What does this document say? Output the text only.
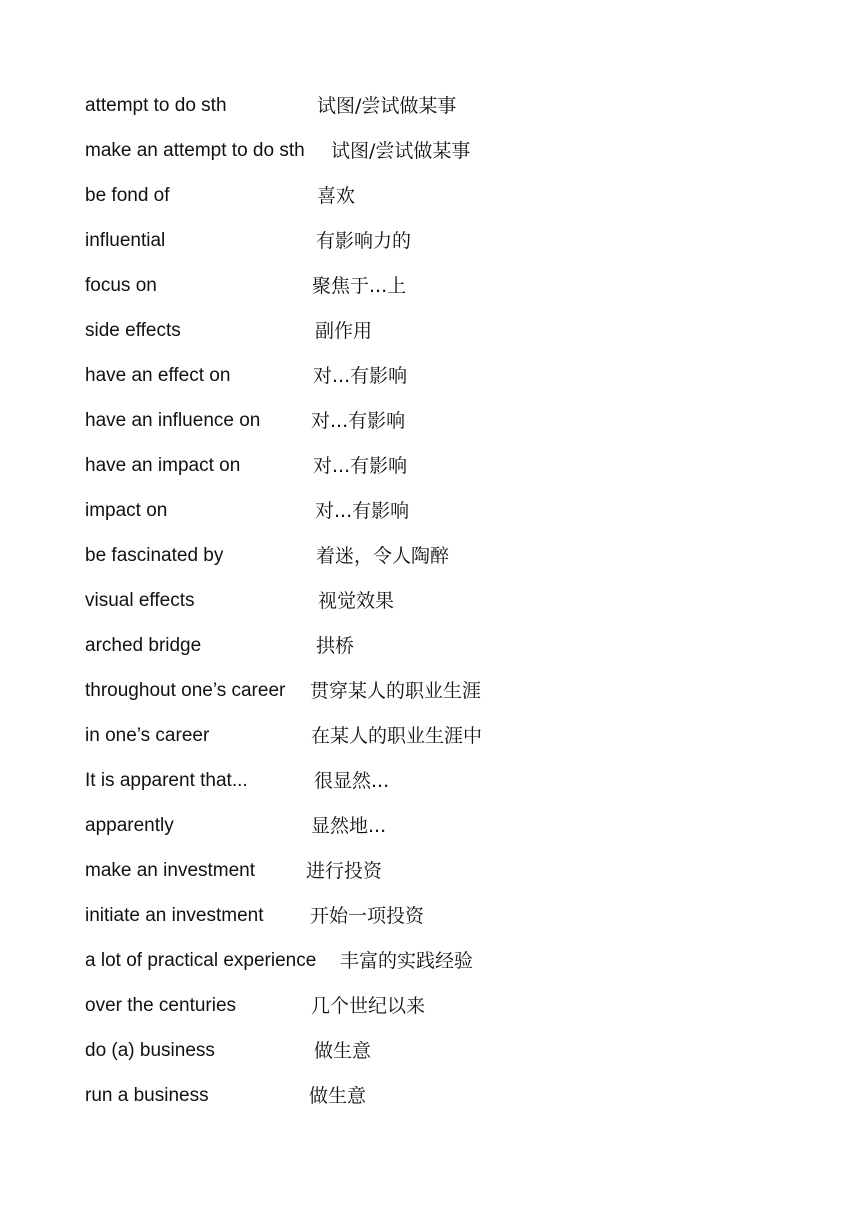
attempt to do sth	试图/尝试做某事
make an attempt to do sth 试图/尝试做某事
be fond of	喜欢
influential	有影响力的
focus on	聚焦于...上
side effects	副作用
have an effect on	对...有影响
have an influence on	对...有影响
have an impact on	对...有影响
impact on	对...有影响
be fascinated by	着迷，令人陶醉
visual effects	视觉效果
arched bridge	拱桥
throughout one’s career 贯穿某人的职业生涯
in one’s career	在某人的职业生涯中
It is apparent that...	很显然...
apparently	显然地...
make an investment	进行投资
initiate an investment 开始一项投资
a lot of practical experience 丰富的实践经验
over the centuries	几个世纪以来
do (a) business	做生意
run a business	做生意
